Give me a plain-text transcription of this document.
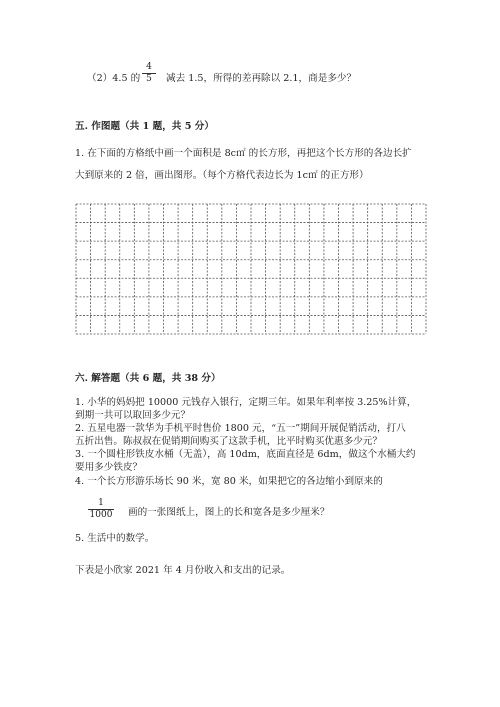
（2）4.5 的
4
5	减去 1.5，所得的差再除以 2.1，商是多少？
五. 作图题（共 1 题，共 5 分）
1. 在下面的方格纸中画一个面积是 8c㎡ 的长方形，再把这个长方形的各边长扩
大到原来的 2 倍，画出图形。（每个方格代表边长为 1c㎡ 的正方形）
六. 解答题（共 6 题，共 38 分）
1. 小华的妈妈把 10000 元钱存入银行，定期三年。如果年利率按 3.25%计算，
到期一共可以取回多少元？
2. 五星电器一款华为手机平时售价 1800 元，“五一”期间开展促销活动，打八
五折出售。陈叔叔在促销期间购买了这款手机，比平时购买优惠多少元？
3. 一个圆柱形铁皮水桶（无盖），高 10dm，底面直径是 6dm，做这个水桶大约
要用多少铁皮？
4. 一个长方形游乐场长 90 米，宽 80 米，如果把它的各边缩小到原来的
1
1000 画的一张图纸上，图上的长和宽各是多少厘米？
5. 生活中的数学。
下表是小欣家 2021 年 4 月份收入和支出的记录。
